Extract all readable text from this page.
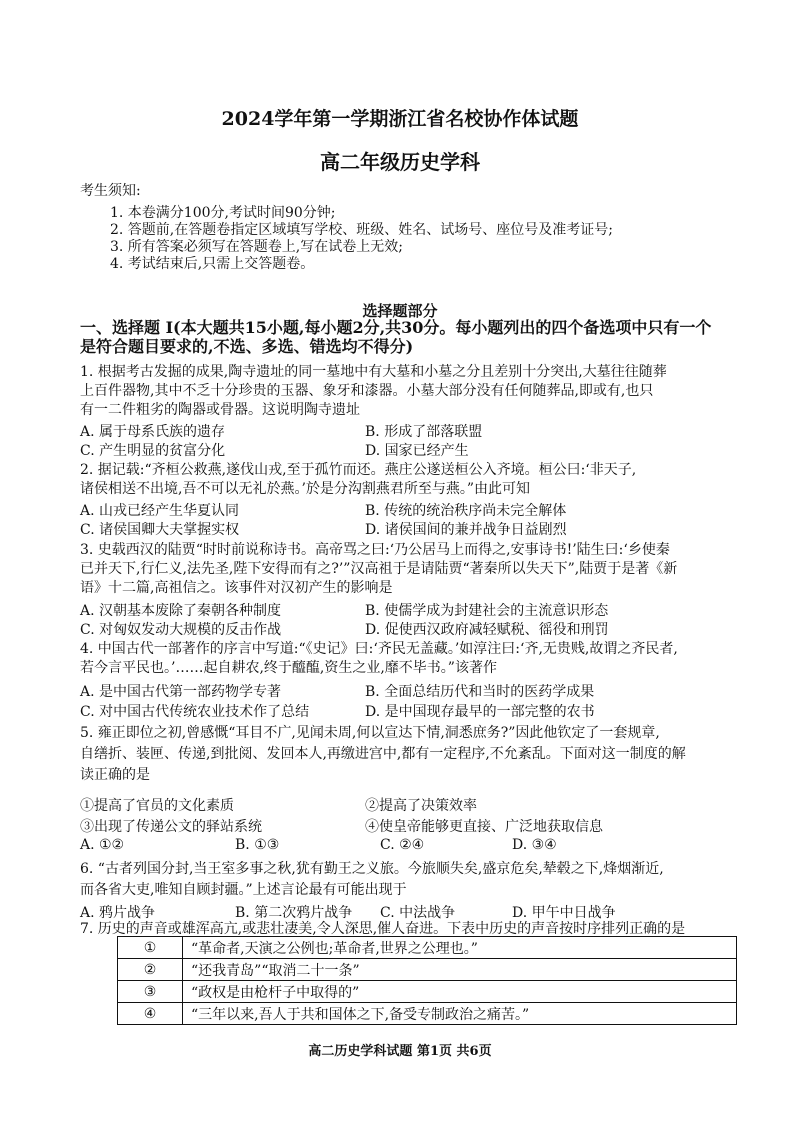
2024学年第一学期浙江省名校协作体试题
高二年级历史学科
考生须知:
1. 本卷满分100分,考试时间90分钟;
2. 答题前,在答题卷指定区域填写学校、班级、姓名、试场号、座位号及准考证号;
3. 所有答案必须写在答题卷上,写在试卷上无效;
4. 考试结束后,只需上交答题卷。
选择题部分
一、选择题 Ⅰ(本大题共15小题,每小题2分,共30分。每小题列出的四个备选项中只有一个
是符合题目要求的,不选、多选、错选均不得分)
1. 根据考古发掘的成果,陶寺遗址的同一墓地中有大墓和小墓之分且差别十分突出,大墓往往随葬
上百件器物,其中不乏十分珍贵的玉器、象牙和漆器。小墓大部分没有任何随葬品,即或有,也只
有一二件粗劣的陶器或骨器。这说明陶寺遗址
A. 属于母系氏族的遗存	B. 形成了部落联盟
C. 产生明显的贫富分化	D. 国家已经产生
2. 据记载:“齐桓公救燕,遂伐山戎,至于孤竹而还。燕庄公遂送桓公入齐境。桓公曰:‘非天子,
诸侯相送不出境,吾不可以无礼於燕。’於是分沟割燕君所至与燕。”由此可知
A. 山戎已经产生华夏认同	B. 传统的统治秩序尚未完全解体
C. 诸侯国卿大夫掌握实权	D. 诸侯国间的兼并战争日益剧烈
3. 史载西汉的陆贾“时时前说称诗书。高帝骂之曰:‘乃公居马上而得之,安事诗书!’陆生曰:‘乡使秦
已并天下,行仁义,法先圣,陛下安得而有之?’”汉高祖于是请陆贾“著秦所以失天下”,陆贾于是著《新
语》十二篇,高祖信之。该事件对汉初产生的影响是
A. 汉朝基本废除了秦朝各种制度	B. 使儒学成为封建社会的主流意识形态
C. 对匈奴发动大规模的反击作战	D. 促使西汉政府减轻赋税、徭役和刑罚
4. 中国古代一部著作的序言中写道:“《史记》曰:‘齐民无盖藏。’如淳注曰:‘齐,无贵贱,故谓之齐民者,
若今言平民也。’……起自耕农,终于醯醢,资生之业,靡不毕书。”该著作
A. 是中国古代第一部药物学专著	B. 全面总结历代和当时的医药学成果
C. 对中国古代传统农业技术作了总结	D. 是中国现存最早的一部完整的农书
5. 雍正即位之初,曾感慨“耳目不广,见闻未周,何以宣达下情,洞悉庶务?”因此他钦定了一套规章,
自缮折、装匣、传递,到批阅、发回本人,再缴进宫中,都有一定程序,不允紊乱。下面对这一制度的解
读正确的是
①提高了官员的文化素质	②提高了决策效率
③出现了传递公文的驿站系统	④使皇帝能够更直接、广泛地获取信息
A. ①②	B. ①③	C. ②④	D. ③④
6. “古者列国分封,当王室多事之秋,犹有勤王之义旅。今旅顺失矣,盛京危矣,辇毂之下,烽烟渐近,
而各省大吏,唯知自顾封疆。”上述言论最有可能出现于
A. 鸦片战争	B. 第二次鸦片战争 C. 中法战争	D. 甲午中日战争
7. 历史的声音或雄浑高亢,或悲壮凄美,令人深思,催人奋进。下表中历史的声音按时序排列正确的是
①	“革命者,天演之公例也;革命者,世界之公理也。”
②	“还我青岛”“取消二十一条”
③	“政权是由枪杆子中取得的”
④	“三年以来,吾人于共和国体之下,备受专制政治之痛苦。”
高二历史学科试题 第1页 共6页
